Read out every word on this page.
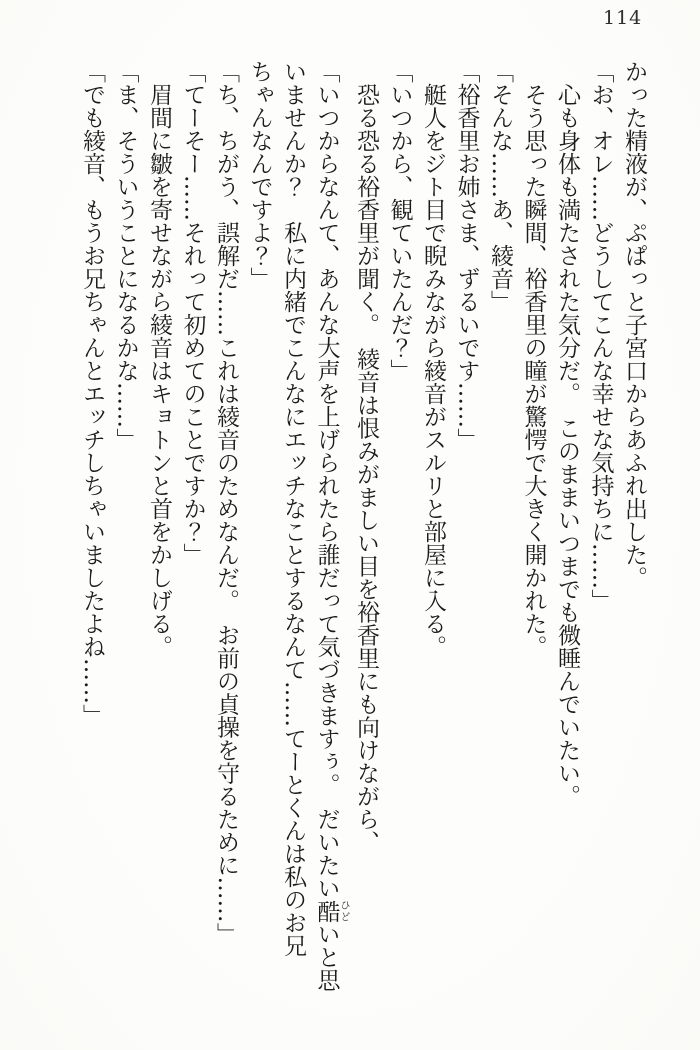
114

かった精液が、ぷぱっと子宮口からあふれ出した。

「お、オレ……どうしてこんな幸せな気持ちに……」

　心も身体も満たされた気分だ。　このままいつまでも微睡んでいたい。

　そう思った瞬間、裕香里の瞳が驚愕で大きく開かれた。

「そんな……あ、綾音」

「裕香里お姉さま、ずるいです……」

　艇人をジト目で睨みながら綾音がスルリと部屋に入る。

「いつから、観ていたんだ？」

　恐る恐る裕香里が聞く。　綾音は恨みがましい目を裕香里にも向けながら、

「いつからなんて、あんな大声を上げられたら誰だって気づきますぅ。　だいたい酷ひどいと思いませんか？　私に内緒でこんなにエッチなことするなんて……てーとくんは私のお兄ちゃんなんですよ？」

「ち、ちがう、誤解だ……これは綾音のためなんだ。　お前の貞操を守るために……」

「てーそー……それって初めてのことですか？」

　眉間に皺を寄せながら綾音はキョトンと首をかしげる。

「ま、そういうことになるかな……」

「でも綾音、もうお兄ちゃんとエッチしちゃいましたよね……」
